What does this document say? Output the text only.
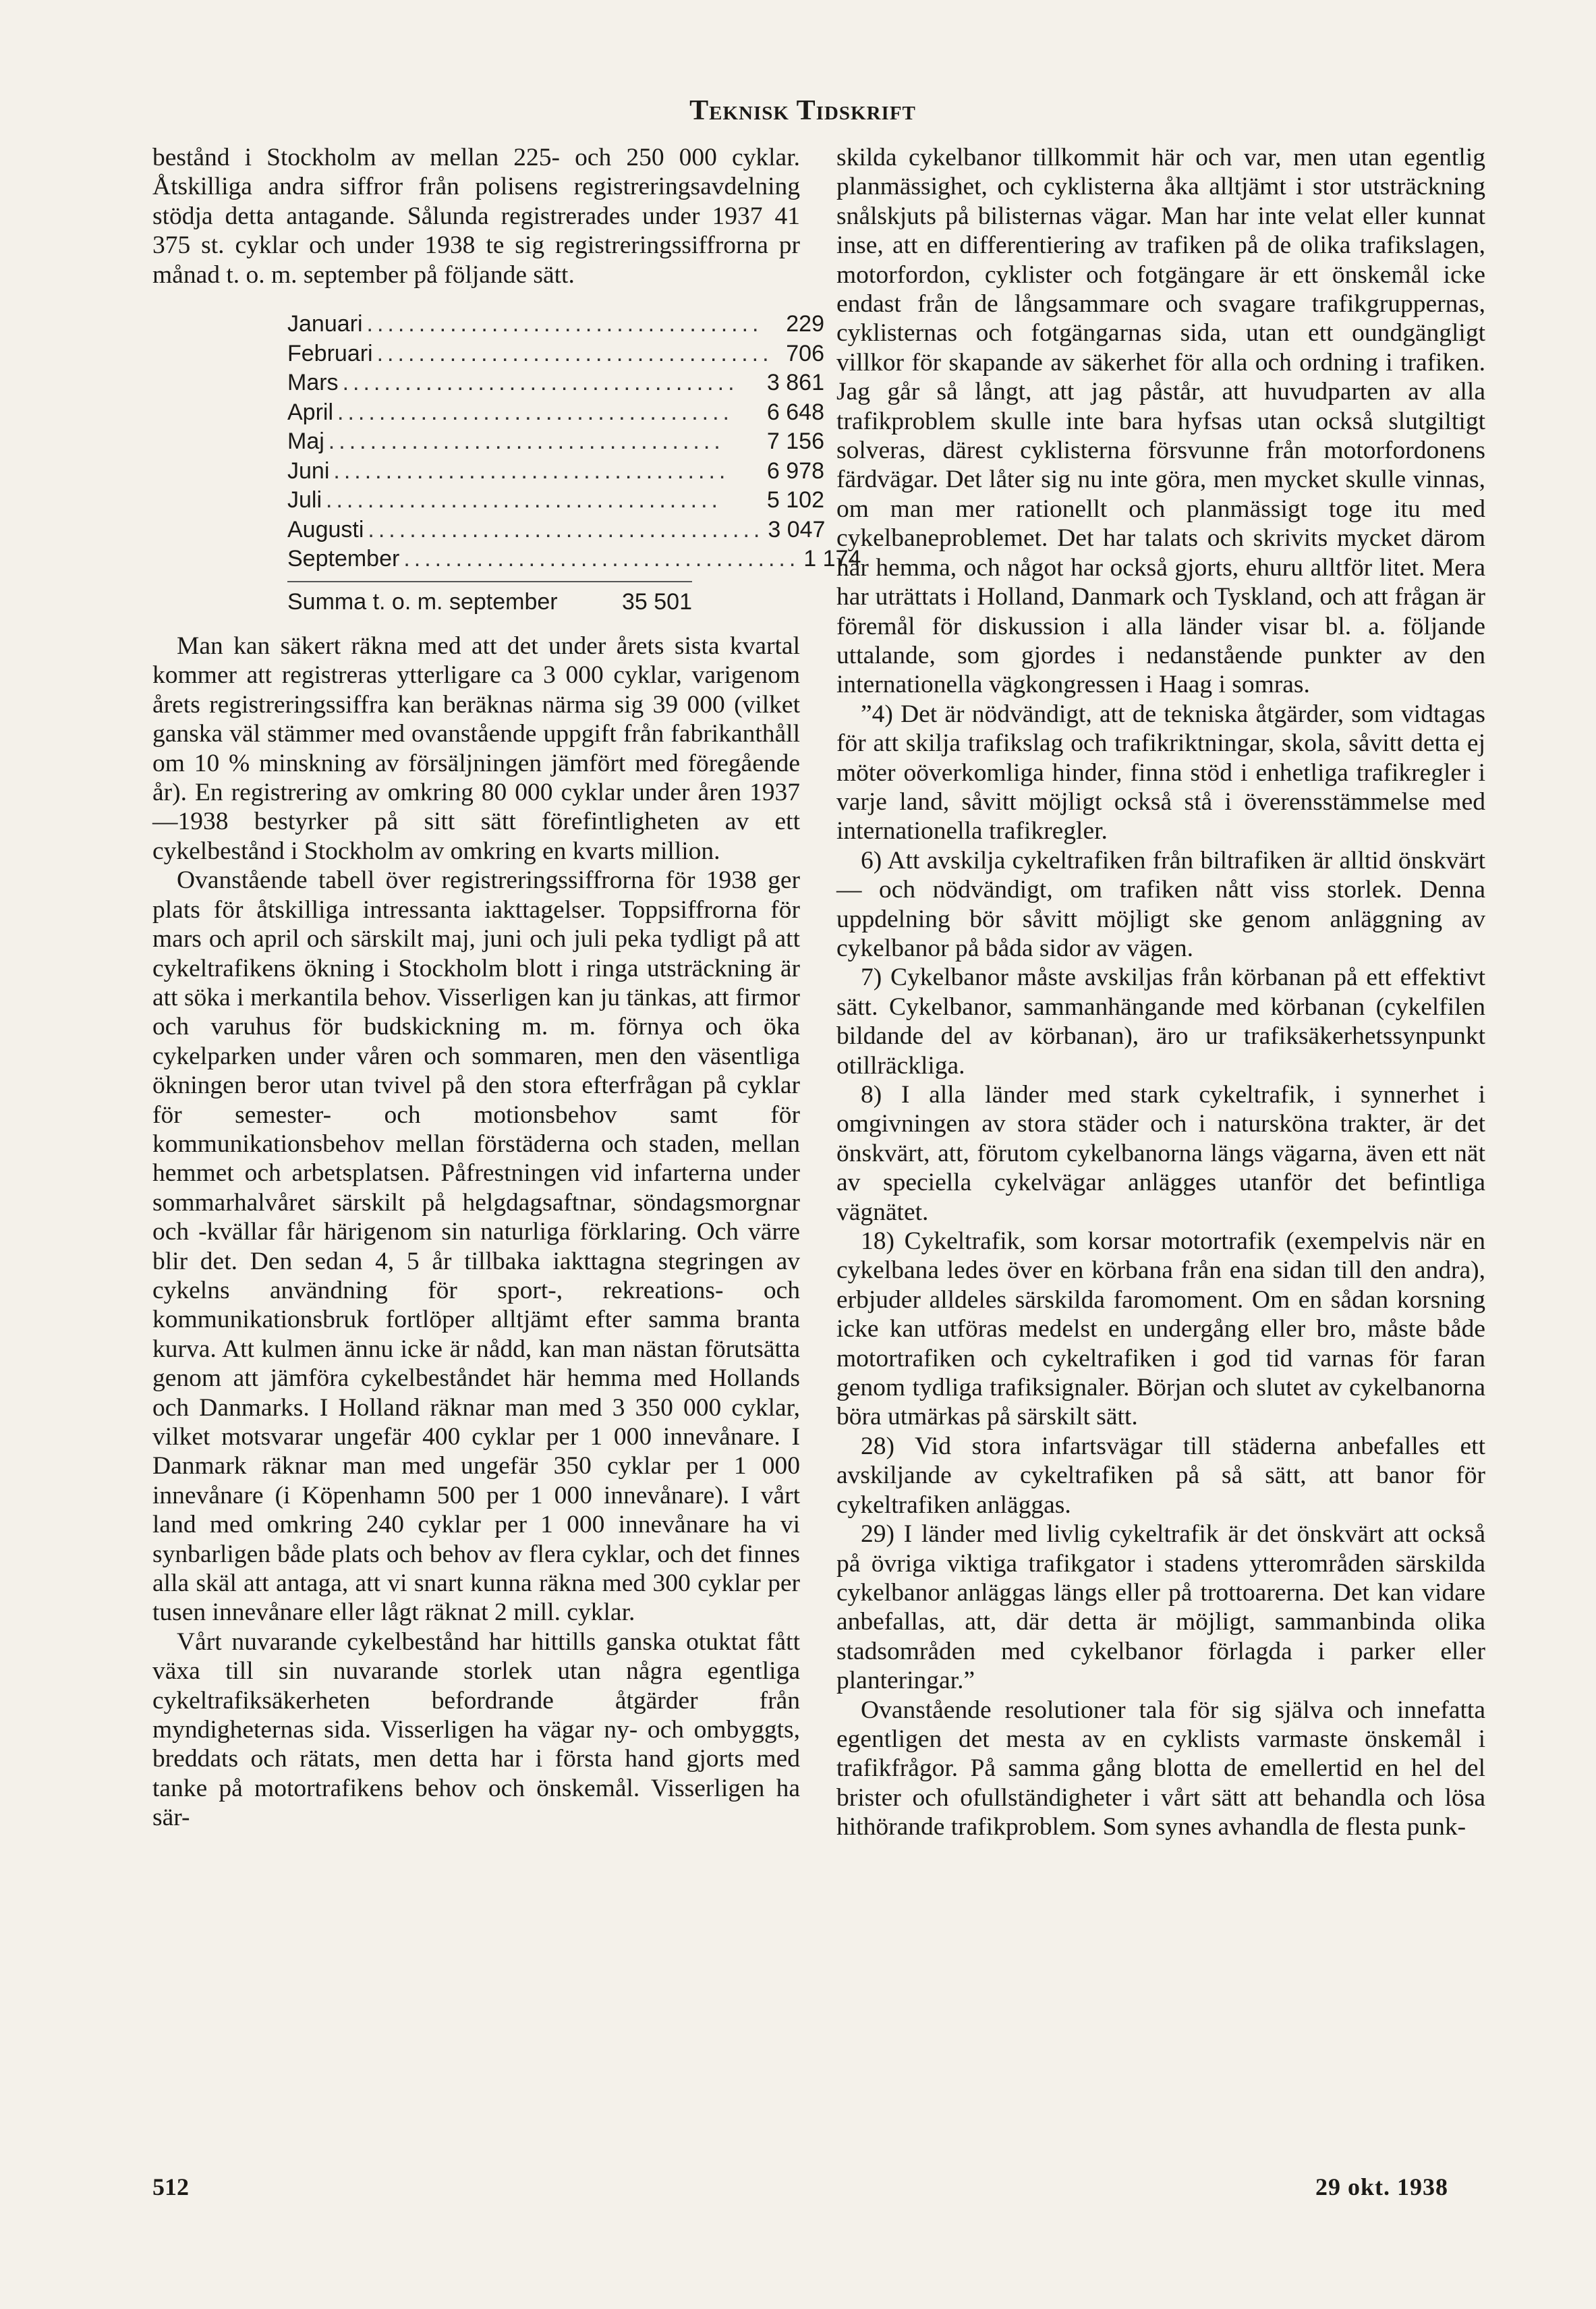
Teknisk Tidskrift

bestånd i Stockholm av mellan 225- och 250 000 cyklar. Åtskilliga andra siffror från polisens registreringsavdelning stödja detta antagande. Sålunda registrerades under 1937 41 375 st. cyklar och under 1938 te sig registreringssiffrorna pr månad t. o. m. september på följande sätt.

Januari ......................................	229
Februari ...................................... 706
Mars ......................................	3 861
April ......................................	6 648
Maj ......................................	7 156
Juni ......................................	6 978
Juli ......................................	5 102
Augusti ...................................... 3 047
September ...................................... 1 174
Summa t. o. m. september	35 501

Man kan säkert räkna med att det under årets sista kvartal kommer att registreras ytterligare ca 3 000 cyklar, varigenom årets registreringssiffra kan beräknas närma sig 39 000 (vilket ganska väl stämmer med ovanstående uppgift från fabrikanthåll om 10 % minskning av försäljningen jämfört med föregående år). En registrering av omkring 80 000 cyklar under åren 1937—1938 bestyrker på sitt sätt förefintligheten av ett cykelbestånd i Stockholm av omkring en kvarts million.

Ovanstående tabell över registreringssiffrorna för 1938 ger plats för åtskilliga intressanta iakttagelser. Toppsiffrorna för mars och april och särskilt maj, juni och juli peka tydligt på att cykeltrafikens ökning i Stockholm blott i ringa utsträckning är att söka i merkantila behov. Visserligen kan ju tänkas, att firmor och varuhus för budskickning m. m. förnya och öka cykelparken under våren och sommaren, men den väsentliga ökningen beror utan tvivel på den stora efterfrågan på cyklar för semester- och motionsbehov samt för kommunikationsbehov mellan förstäderna och staden, mellan hemmet och arbetsplatsen. Påfrestningen vid infarterna under sommarhalvåret särskilt på helgdagsaftnar, söndagsmorgnar och -kvällar får härigenom sin naturliga förklaring. Och värre blir det. Den sedan 4, 5 år tillbaka iakttagna stegringen av cykelns användning för sport-, rekreations- och kommunikationsbruk fortlöper alltjämt efter samma branta kurva. Att kulmen ännu icke är nådd, kan man nästan förutsätta genom att jämföra cykelbeståndet här hemma med Hollands och Danmarks. I Holland räknar man med 3 350 000 cyklar, vilket motsvarar ungefär 400 cyklar per 1 000 innevånare. I Danmark räknar man med ungefär 350 cyklar per 1 000 innevånare (i Köpenhamn 500 per 1 000 innevånare). I vårt land med omkring 240 cyklar per 1 000 innevånare ha vi synbarligen både plats och behov av flera cyklar, och det finnes alla skäl att antaga, att vi snart kunna räkna med 300 cyklar per tusen innevånare eller lågt räknat 2 mill. cyklar.

Vårt nuvarande cykelbestånd har hittills ganska otuktat fått växa till sin nuvarande storlek utan några egentliga cykeltrafiksäkerheten befordrande åtgärder från myndigheternas sida. Visserligen ha vägar ny- och ombyggts, breddats och rätats, men detta har i första hand gjorts med tanke på motortrafikens behov och önskemål. Visserligen ha sär-

skilda cykelbanor tillkommit här och var, men utan egentlig planmässighet, och cyklisterna åka alltjämt i stor utsträckning snålskjuts på bilisternas vägar. Man har inte velat eller kunnat inse, att en differentiering av trafiken på de olika trafikslagen, motorfordon, cyklister och fotgängare är ett önskemål icke endast från de långsammare och svagare trafikgruppernas, cyklisternas och fotgängarnas sida, utan ett oundgängligt villkor för skapande av säkerhet för alla och ordning i trafiken. Jag går så långt, att jag påstår, att huvudparten av alla trafikproblem skulle inte bara hyfsas utan också slutgiltigt solveras, därest cyklisterna försvunne från motorfordonens färdvägar. Det låter sig nu inte göra, men mycket skulle vinnas, om man mer rationellt och planmässigt toge itu med cykelbaneproblemet. Det har talats och skrivits mycket därom här hemma, och något har också gjorts, ehuru alltför litet. Mera har uträttats i Holland, Danmark och Tyskland, och att frågan är föremål för diskussion i alla länder visar bl. a. följande uttalande, som gjordes i nedanstående punkter av den internationella vägkongressen i Haag i somras.

”4) Det är nödvändigt, att de tekniska åtgärder, som vidtagas för att skilja trafikslag och trafikriktningar, skola, såvitt detta ej möter oöverkomliga hinder, finna stöd i enhetliga trafikregler i varje land, såvitt möjligt också stå i överensstämmelse med internationella trafikregler.

6) Att avskilja cykeltrafiken från biltrafiken är alltid önskvärt — och nödvändigt, om trafiken nått viss storlek. Denna uppdelning bör såvitt möjligt ske genom anläggning av cykelbanor på båda sidor av vägen.

7) Cykelbanor måste avskiljas från körbanan på ett effektivt sätt. Cykelbanor, sammanhängande med körbanan (cykelfilen bildande del av körbanan), äro ur trafiksäkerhetssynpunkt otillräckliga.

8) I alla länder med stark cykeltrafik, i synnerhet i omgivningen av stora städer och i natursköna trakter, är det önskvärt, att, förutom cykelbanorna längs vägarna, även ett nät av speciella cykelvägar anlägges utanför det befintliga vägnätet.

18) Cykeltrafik, som korsar motortrafik (exempelvis när en cykelbana ledes över en körbana från ena sidan till den andra), erbjuder alldeles särskilda faromoment. Om en sådan korsning icke kan utföras medelst en undergång eller bro, måste både motortrafiken och cykeltrafiken i god tid varnas för faran genom tydliga trafiksignaler. Början och slutet av cykelbanorna böra utmärkas på särskilt sätt.

28) Vid stora infartsvägar till städerna anbefalles ett avskiljande av cykeltrafiken på så sätt, att banor för cykeltrafiken anläggas.

29) I länder med livlig cykeltrafik är det önskvärt att också på övriga viktiga trafikgator i stadens ytterområden särskilda cykelbanor anläggas längs eller på trottoarerna. Det kan vidare anbefallas, att, där detta är möjligt, sammanbinda olika stadsområden med cykelbanor förlagda i parker eller planteringar.”

Ovanstående resolutioner tala för sig själva och innefatta egentligen det mesta av en cyklists varmaste önskemål i trafikfrågor. På samma gång blotta de emellertid en hel del brister och ofullständigheter i vårt sätt att behandla och lösa hithörande trafikproblem. Som synes avhandla de flesta punk-

512	29 okt. 1938
